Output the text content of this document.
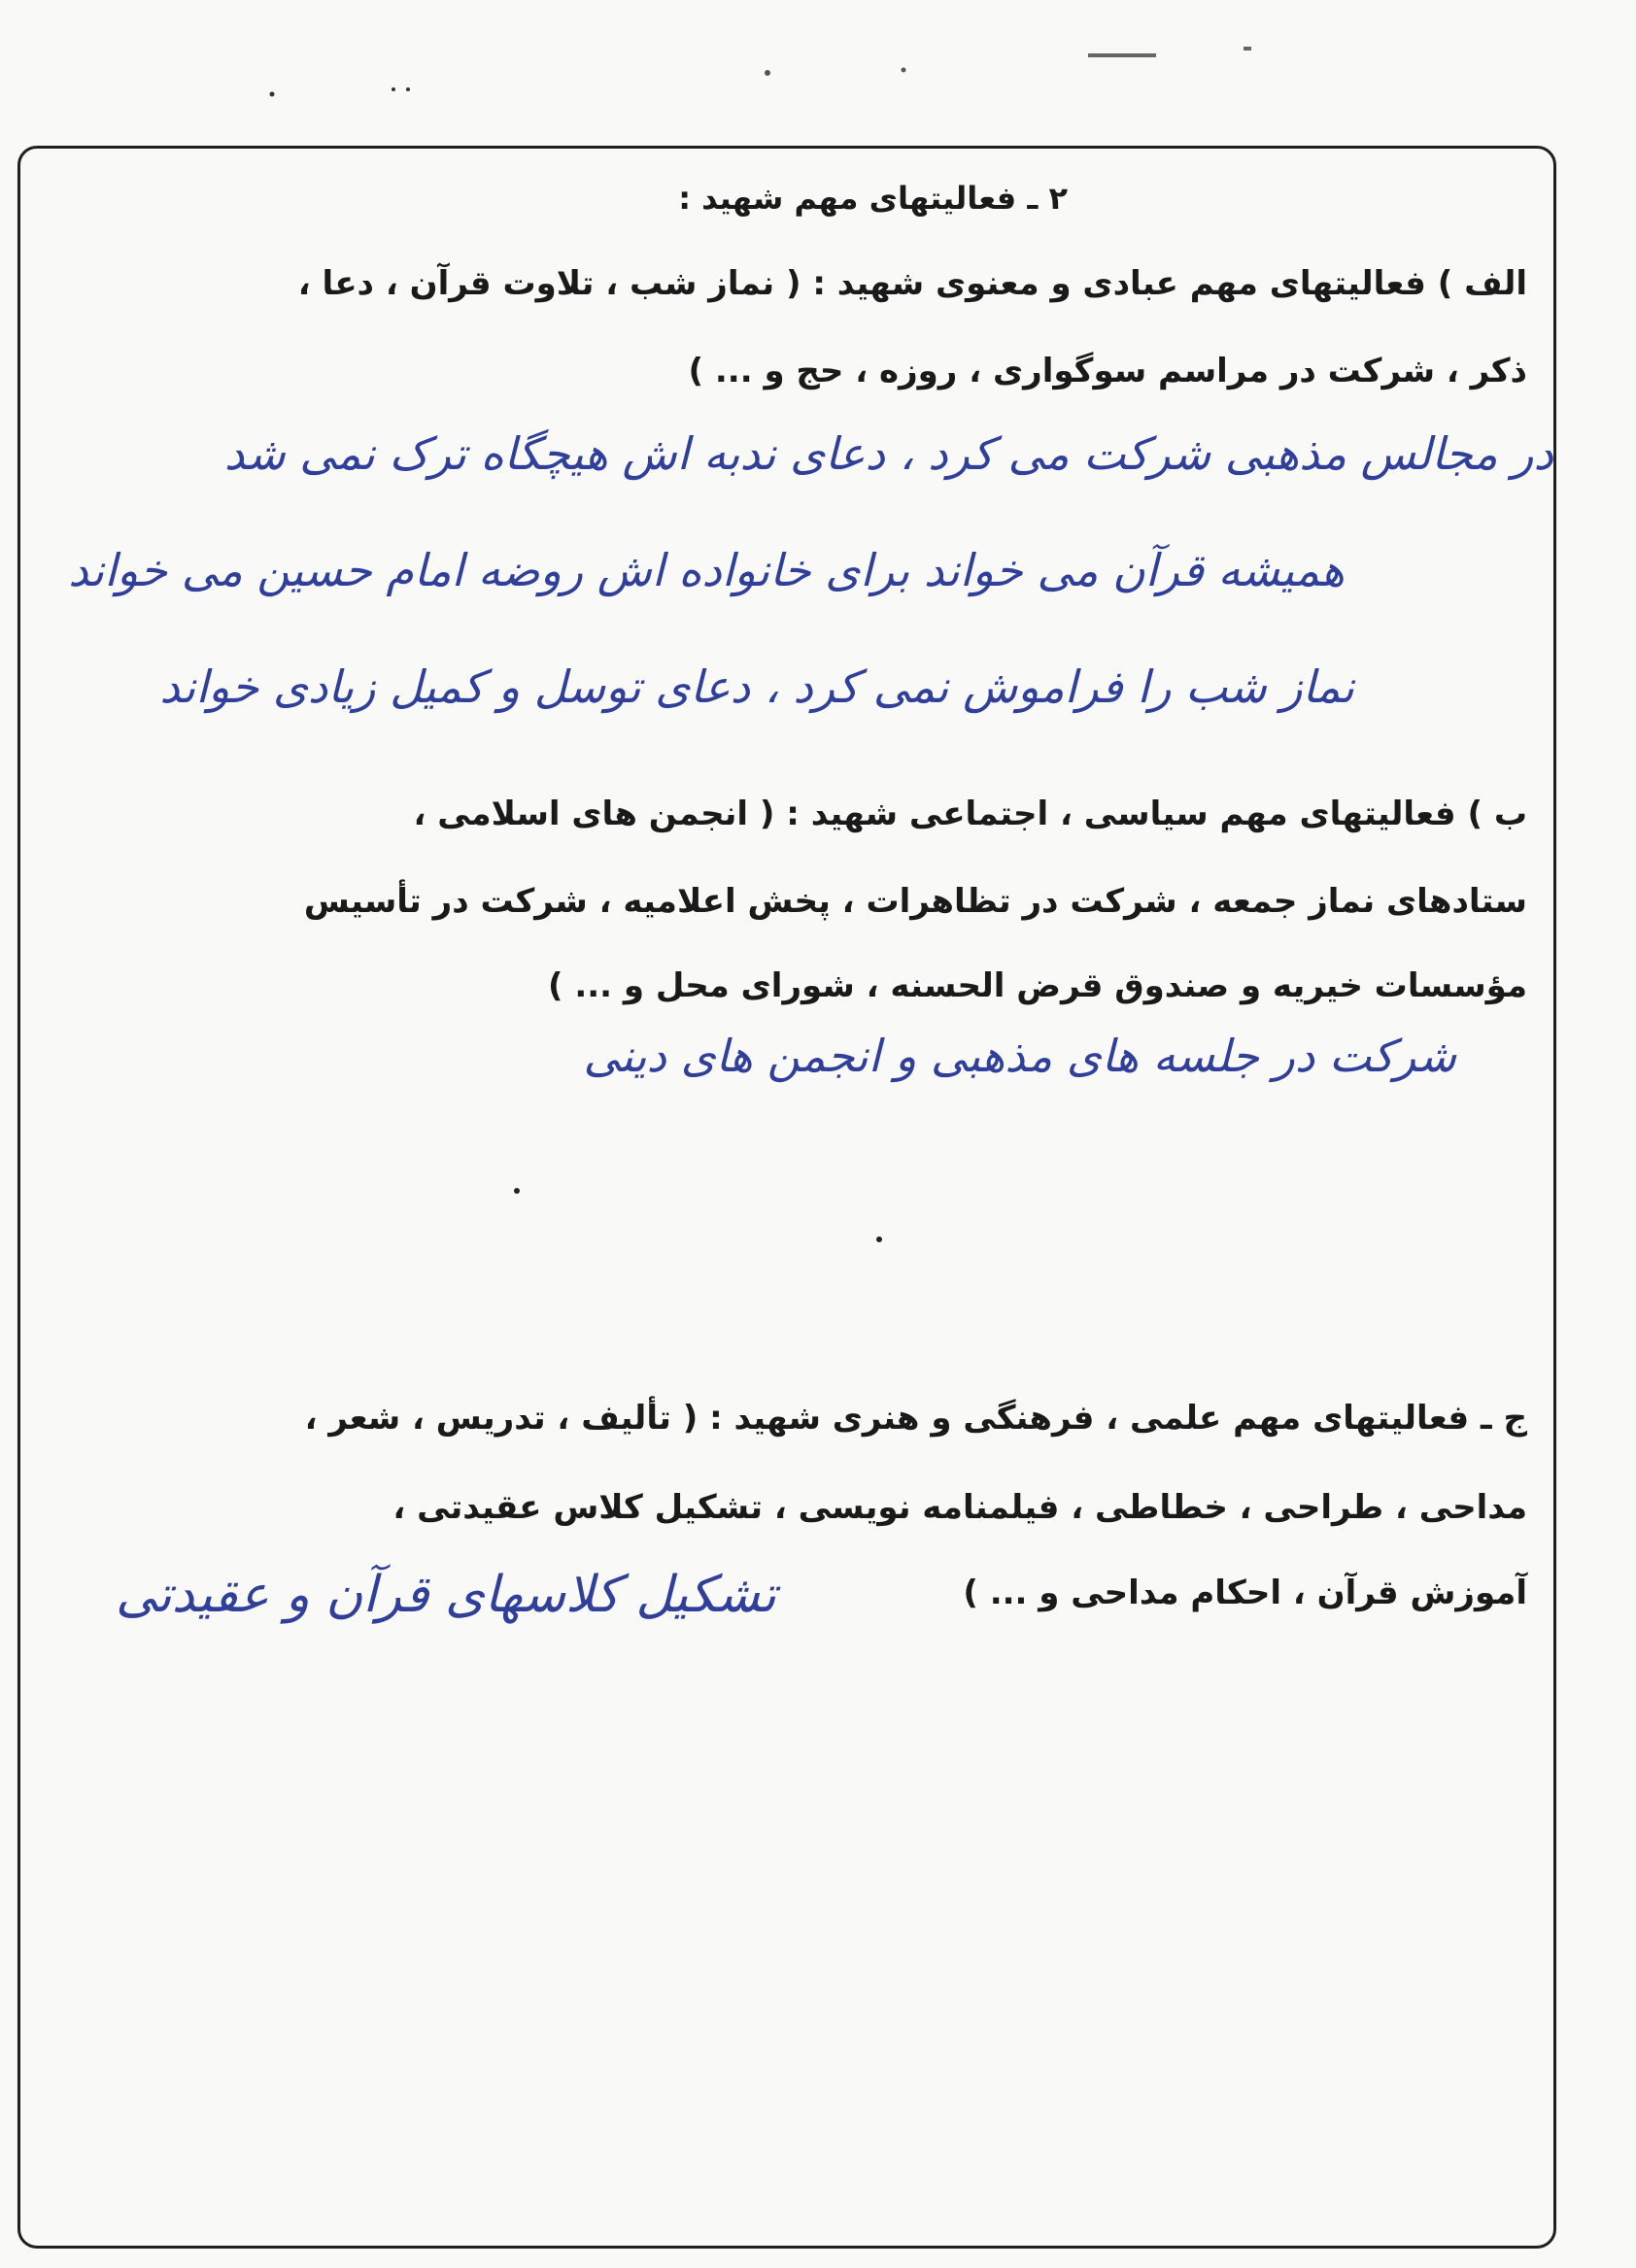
۲ ـ فعالیتهای مهم شهید :
الف ) فعالیتهای مهم عبادی و معنوی شهید : ( نماز شب ، تلاوت قرآن ، دعا ،
ذکر ، شرکت در مراسم سوگواری ، روزه ، حج و ... )
در مجالس مذهبی شرکت می کرد ، دعای ندبه اش هیچگاه ترک نمی شد
همیشه قرآن می خواند برای خانواده اش روضه امام حسین می خواند
نماز شب را فراموش نمی کرد ، دعای توسل و کمیل زیادی خواند
ب ) فعالیتهای مهم سیاسی ، اجتماعی شهید : ( انجمن های اسلامی ،
ستادهای نماز جمعه ، شرکت در تظاهرات ، پخش اعلامیه ، شرکت در تأسیس
مؤسسات خیریه و صندوق قرض الحسنه ، شورای محل و ... )
شرکت در جلسه های مذهبی و انجمن های دینی
ج ـ فعالیتهای مهم علمی ، فرهنگی و هنری شهید : ( تألیف ، تدریس ، شعر ،
مداحی ، طراحی ، خطاطی ، فیلمنامه نویسی ، تشکیل کلاس عقیدتی ،
آموزش قرآن ، احکام مداحی و ... )
تشکیل کلاسهای قرآن و عقیدتی
